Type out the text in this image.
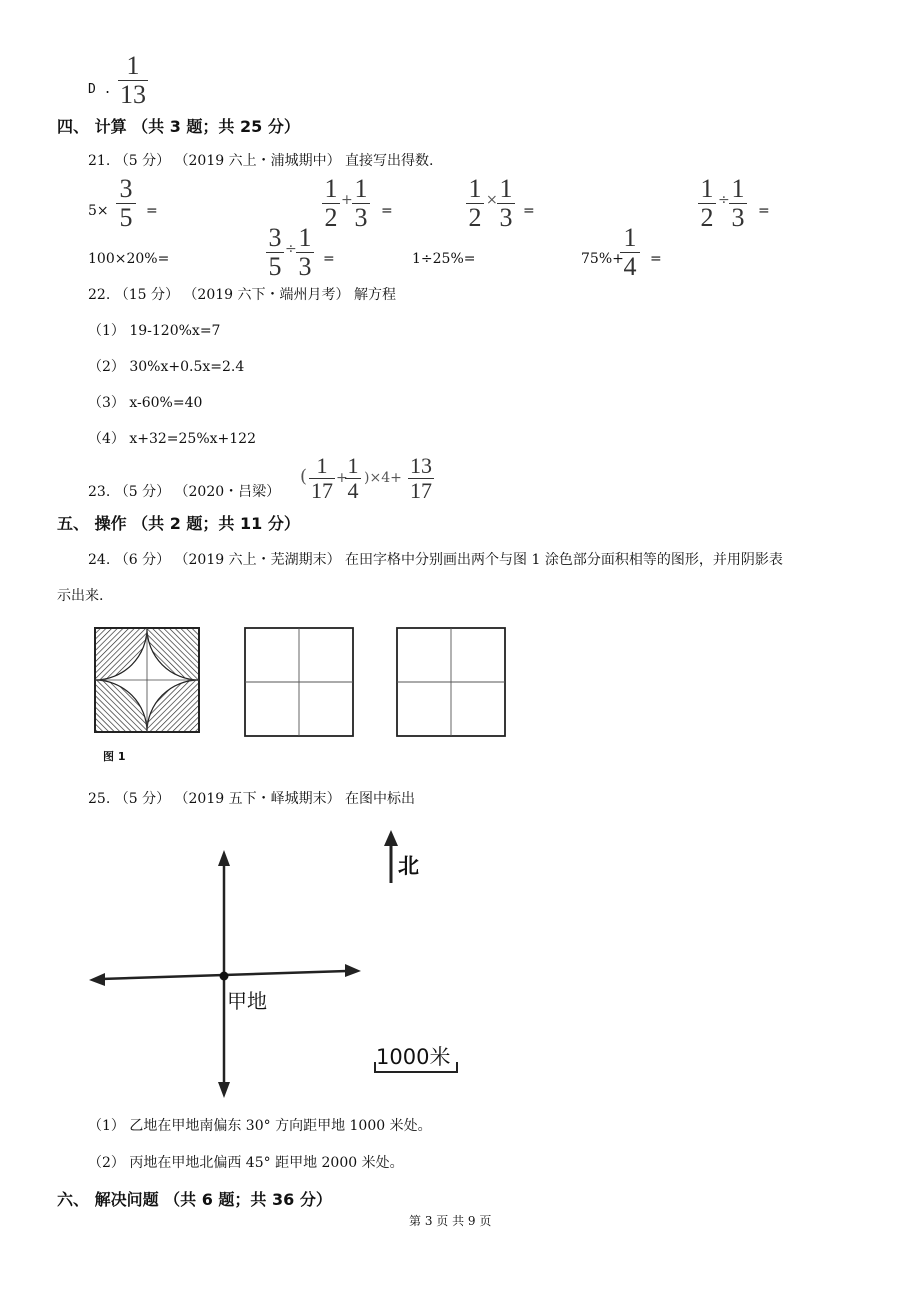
D .
1
13
四、 计算 （共 3 题；共 25 分）
21. （5 分） （2019 六上・浦城期中） 直接写出得数.
5×
3
5 =
1
2
+ 1
3 =
1
2
× 1
3 =
1
2
÷ 1
3 =
100×20%=
3
5
÷ 1
3 =	1÷25%=	75%+
1
4 =
22. （15 分） （2019 六下・端州月考） 解方程
（1） 19-120%x=7
（2） 30%x+0.5x=2.4
（3） x-60%=40
（4） x+32=25%x+122
23. （5 分） （2020・吕梁）
( 1
17 + 1
4 )×4+ 13
17
五、 操作 （共 2 题；共 11 分）
24. （6 分） （2019 六上・芜湖期末） 在田字格中分别画出两个与图 1 涂色部分面积相等的图形，并用阴影表
示出来.
图 1
25. （5 分） （2019 五下・峄城期末） 在图中标出
北
甲地
1000米
（1） 乙地在甲地南偏东 30° 方向距甲地 1000 米处。
（2） 丙地在甲地北偏西 45° 距甲地 2000 米处。
六、 解决问题 （共 6 题；共 36 分）
第 3 页 共 9 页
